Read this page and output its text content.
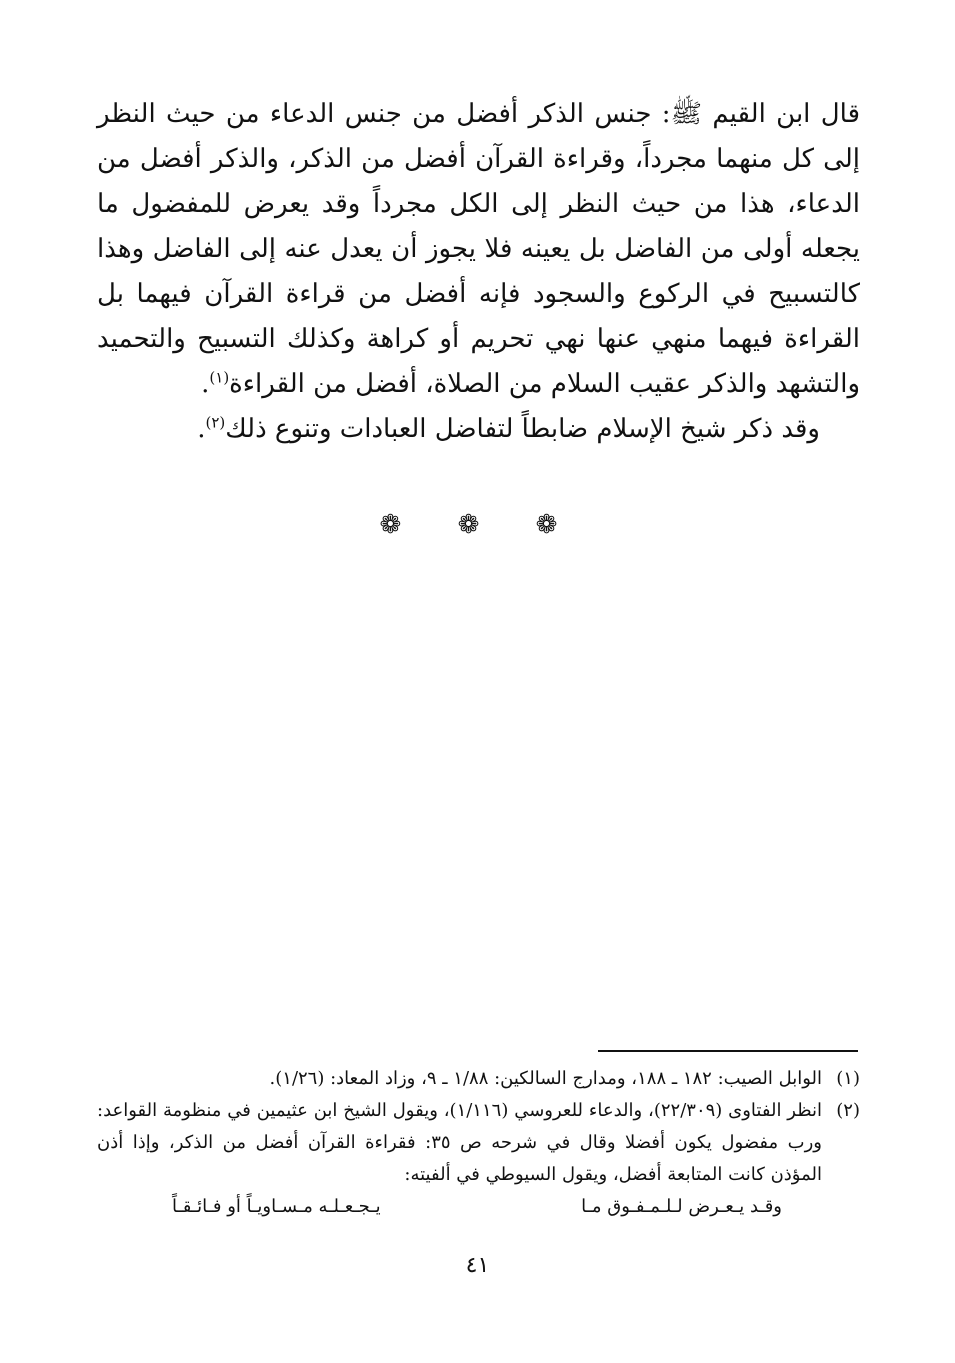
قال ابن القيم ﷺ: جنس الذكر أفضل من جنس الدعاء من حيث النظر إلى كل منهما مجرداً، وقراءة القرآن أفضل من الذكر، والذكر أفضل من الدعاء، هذا من حيث النظر إلى الكل مجرداً وقد يعرض للمفضول ما يجعله أولى من الفاضل بل يعينه فلا يجوز أن يعدل عنه إلى الفاضل وهذا كالتسبيح في الركوع والسجود فإنه أفضل من قراءة القرآن فيهما بل القراءة فيهما منهي عنها نهي تحريم أو كراهة وكذلك التسبيح والتحميد والتشهد والذكر عقيب السلام من الصلاة، أفضل من القراءة$^{(١)}$.
وقد ذكر شيخ الإسلام ضابطاً لتفاضل العبادات وتنوع ذلك$^{(٢)}$.
❁ ❁ ❁
(١)
الوابل الصيب: ١٨٢ ـ ١٨٨، ومدارج السالكين: ١/٨٨ ـ ٩، وزاد المعاد: (١/٢٦).
(٢)
انظر الفتاوى (٢٢/٣٠٩)، والدعاء للعروسي (١/١١٦)، ويقول الشيخ ابن عثيمين في منظومة القواعد: ورب مفضول يكون أفضلا وقال في شرحه ص ٣٥: فقراءة القرآن أفضل من الذكر، وإذا أذن المؤذن كانت المتابعة أفضل، ويقول السيوطي في ألفيته:
وقـد يـعـرض لـلـمـفـوق مـا
يـجـعـلـه مـسـاويـاً أو فـائـقـاً
٤١
